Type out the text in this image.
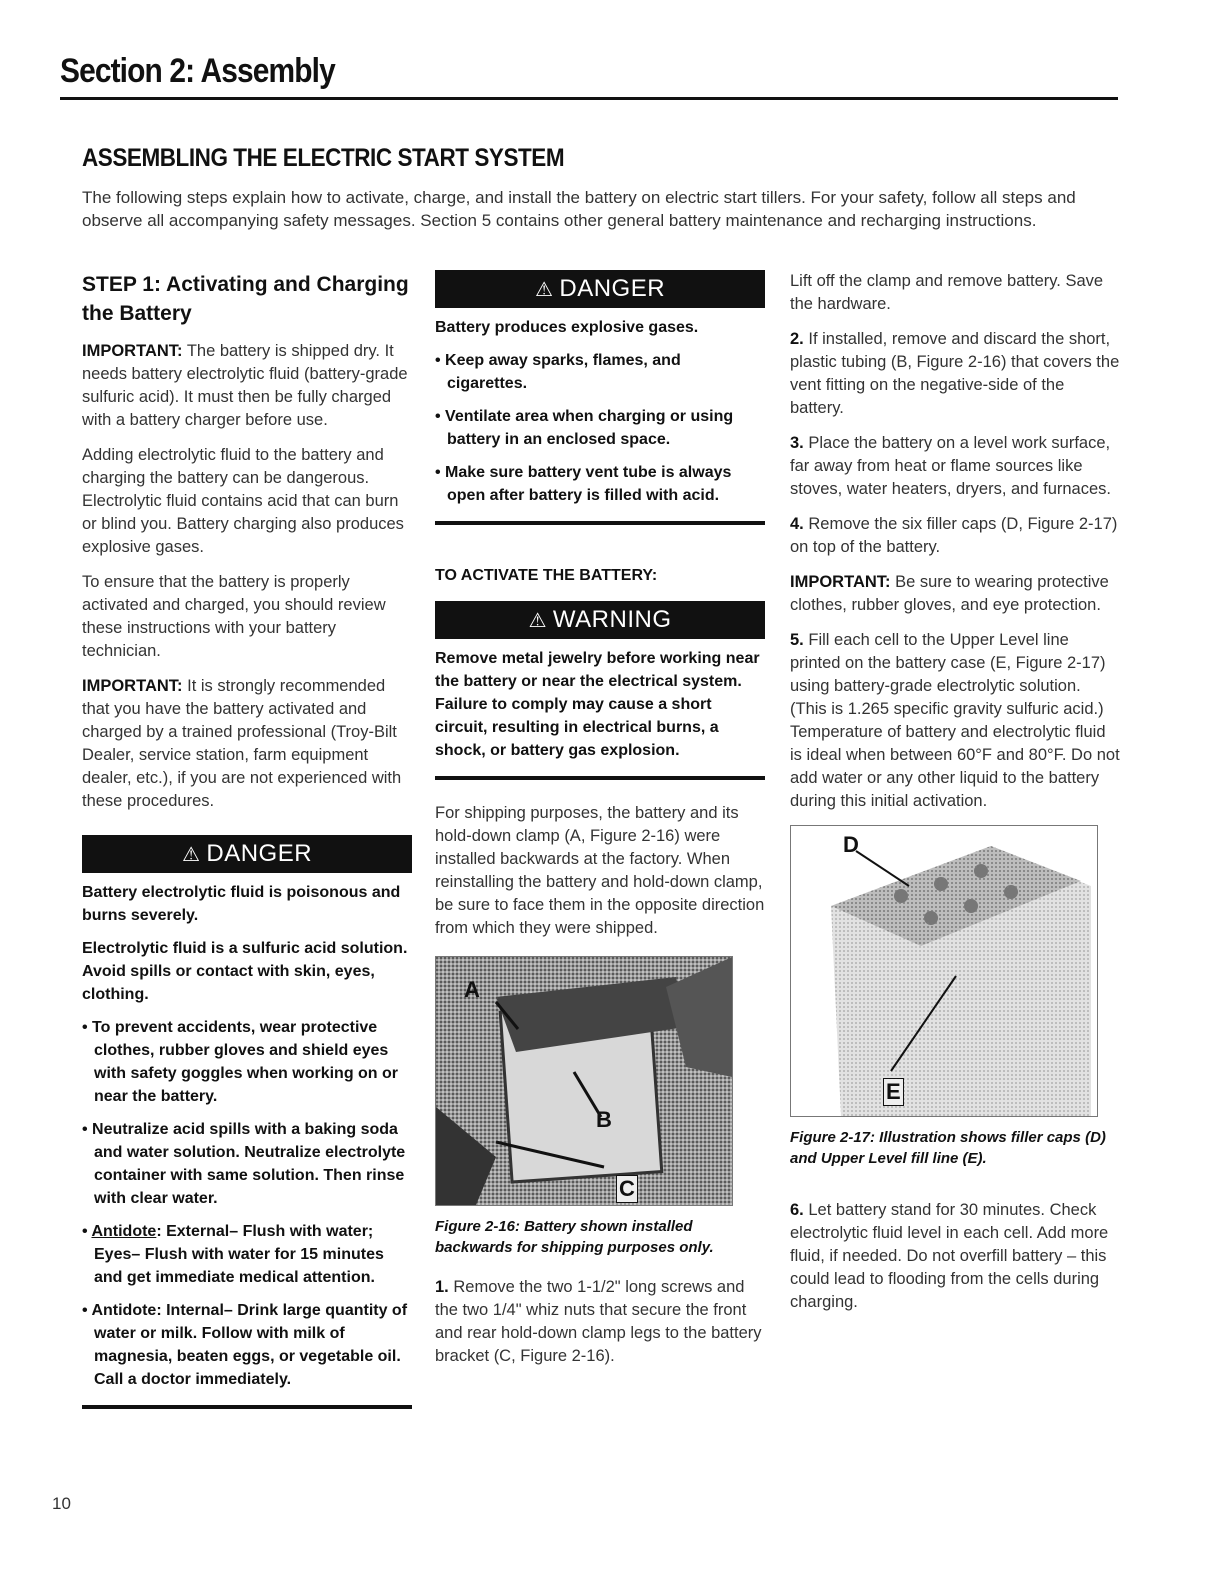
Section 2: Assembly
ASSEMBLING THE ELECTRIC START SYSTEM
The following steps explain how to activate, charge, and install the battery on electric start tillers. For your safety, follow all steps and observe all accompanying safety messages. Section 5 contains other general battery maintenance and recharging instructions.
STEP 1: Activating and Charging the Battery

IMPORTANT: The battery is shipped dry. It needs battery electrolytic fluid (battery-grade sulfuric acid). It must then be fully charged with a battery charger before use.

Adding electrolytic fluid to the battery and charging the battery can be dangerous. Electrolytic fluid contains acid that can burn or blind you. Battery charging also produces explosive gases.

To ensure that the battery is properly activated and charged, you should review these instructions with your battery technician.

IMPORTANT: It is strongly recommended that you have the battery activated and charged by a trained professional (Troy-Bilt Dealer, service station, farm equipment dealer, etc.), if you are not experienced with these procedures.

⚠ DANGER
Battery electrolytic fluid is poisonous and burns severely.
Electrolytic fluid is a sulfuric acid solution. Avoid spills or contact with skin, eyes, clothing.
• To prevent accidents, wear protective clothes, rubber gloves and shield eyes with safety goggles when working on or near the battery.
• Neutralize acid spills with a baking soda and water solution. Neutralize electrolyte container with same solution. Then rinse with clear water.
• Antidote: External– Flush with water; Eyes– Flush with water for 15 minutes and get immediate medical attention.
• Antidote: Internal– Drink large quantity of water or milk. Follow with milk of magnesia, beaten eggs, or vegetable oil. Call a doctor immediately.
⚠ DANGER
Battery produces explosive gases.
• Keep away sparks, flames, and cigarettes.
• Ventilate area when charging or using battery in an enclosed space.
• Make sure battery vent tube is always open after battery is filled with acid.
TO ACTIVATE THE BATTERY:
⚠ WARNING
Remove metal jewelry before working near the battery or near the electrical system. Failure to comply may cause a short circuit, resulting in electrical burns, a shock, or battery gas explosion.

For shipping purposes, the battery and its hold-down clamp (A, Figure 2-16) were installed backwards at the factory. When reinstalling the battery and hold-down clamp, be sure to face them in the opposite direction from which they were shipped.

A
B
C
Figure 2-16: Battery shown installed backwards for shipping purposes only.

1. Remove the two 1-1/2" long screws and the two 1/4" whiz nuts that secure the front and rear hold-down clamp legs to the battery bracket (C, Figure 2-16).

Lift off the clamp and remove battery. Save the hardware.

2. If installed, remove and discard the short, plastic tubing (B, Figure 2-16) that covers the vent fitting on the negative-side of the battery.

3. Place the battery on a level work surface, far away from heat or flame sources like stoves, water heaters, dryers, and furnaces.

4. Remove the six filler caps (D, Figure 2-17) on top of the battery.

IMPORTANT: Be sure to wearing protective clothes, rubber gloves, and eye protection.

5. Fill each cell to the Upper Level line printed on the battery case (E, Figure 2-17) using battery-grade electrolytic solution. (This is 1.265 specific gravity sulfuric acid.) Temperature of battery and electrolytic fluid is ideal when between 60°F and 80°F. Do not add water or any other liquid to the battery during this initial activation.

D
E
Figure 2-17: Illustration shows filler caps (D) and Upper Level fill line (E).

6. Let battery stand for 30 minutes. Check electrolytic fluid level in each cell. Add more fluid, if needed. Do not overfill battery – this could lead to flooding from the cells during charging.

10
